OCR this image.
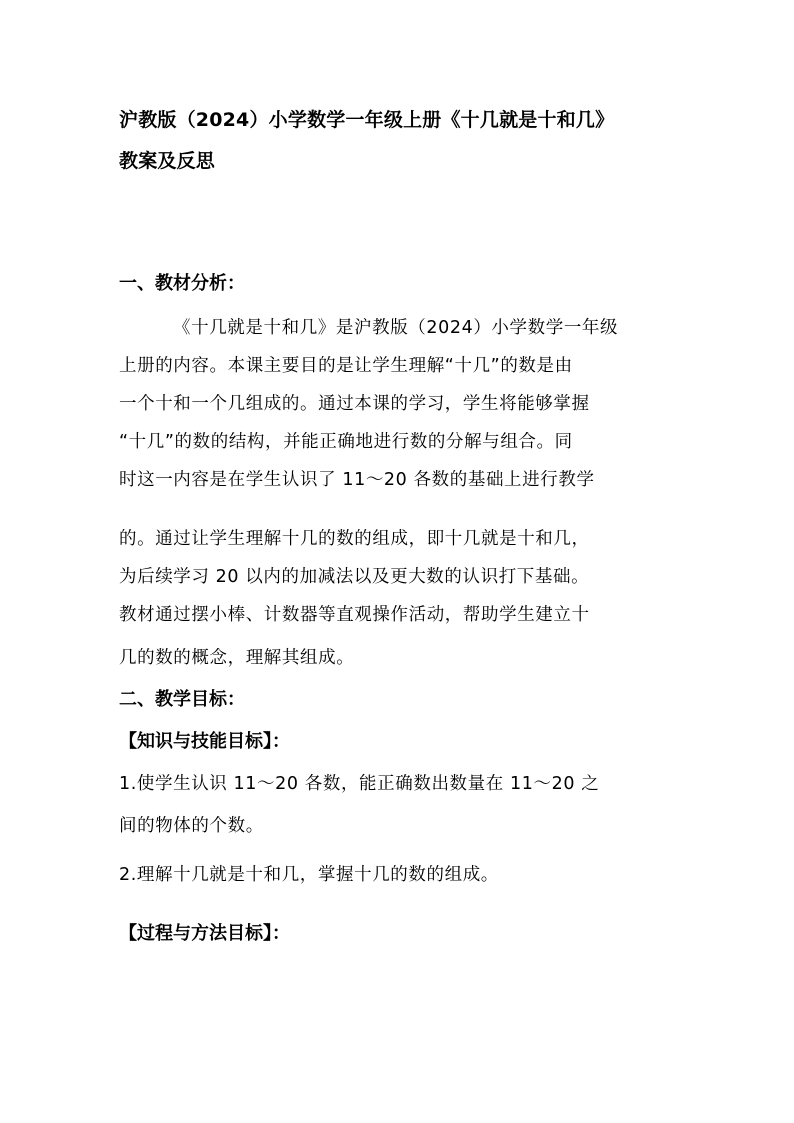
沪教版（2024）小学数学一年级上册《十几就是十和几》
教案及反思
一、教材分析：
《十几就是十和几》是沪教版（2024）小学数学一年级
上册的内容。本课主要目的是让学生理解“十几”的数是由
一个十和一个几组成的。通过本课的学习，学生将能够掌握
“十几”的数的结构，并能正确地进行数的分解与组合。同
时这一内容是在学生认识了 11～20 各数的基础上进行教学
的。通过让学生理解十几的数的组成，即十几就是十和几，
为后续学习 20 以内的加减法以及更大数的认识打下基础。
教材通过摆小棒、计数器等直观操作活动，帮助学生建立十
几的数的概念，理解其组成。
二、教学目标：
【知识与技能目标】：
1.使学生认识 11～20 各数，能正确数出数量在 11～20 之
间的物体的个数。
2.理解十几就是十和几，掌握十几的数的组成。
【过程与方法目标】：
